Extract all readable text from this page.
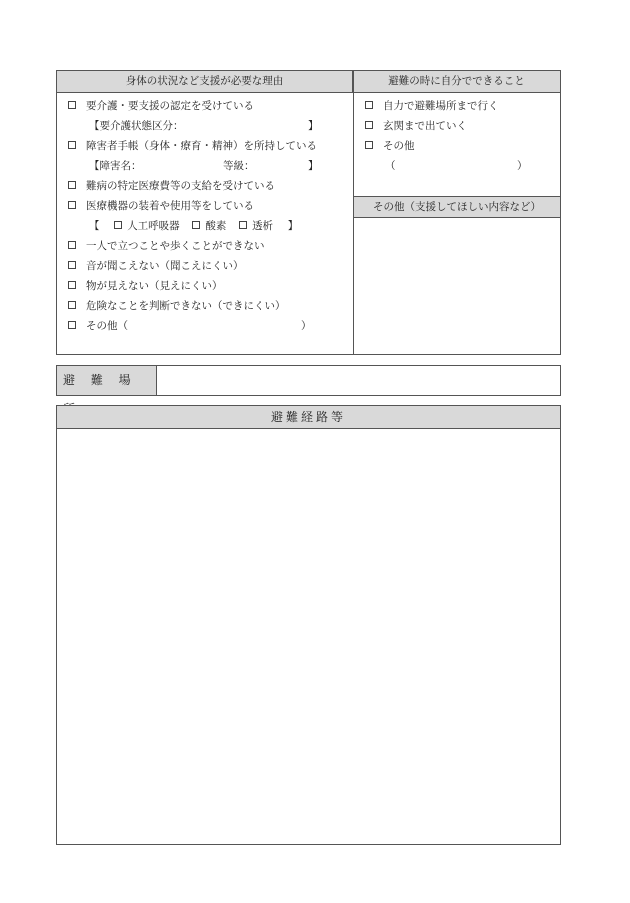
身体の状況など支援が必要な理由	避難の時に自分でできること
要介護・要支援の認定を受けている
【要介護状態区分：	】
障害者手帳（身体・療育・精神）を所持している
【障害名：	等級：	】
難病の特定医療費等の支給を受けている
医療機器の装着や使用等をしている
【	人工呼吸器 酸素 透析 】
一人で立つことや歩くことができない
音が聞こえない（聞こえにくい）
物が見えない（見えにくい）
危険なことを判断できない（できにくい）
その他（	）
自力で避難場所まで行く
玄関まで出ていく
その他
（	）
その他（支援してほしい内容など）
避 難 場
避難経路等
